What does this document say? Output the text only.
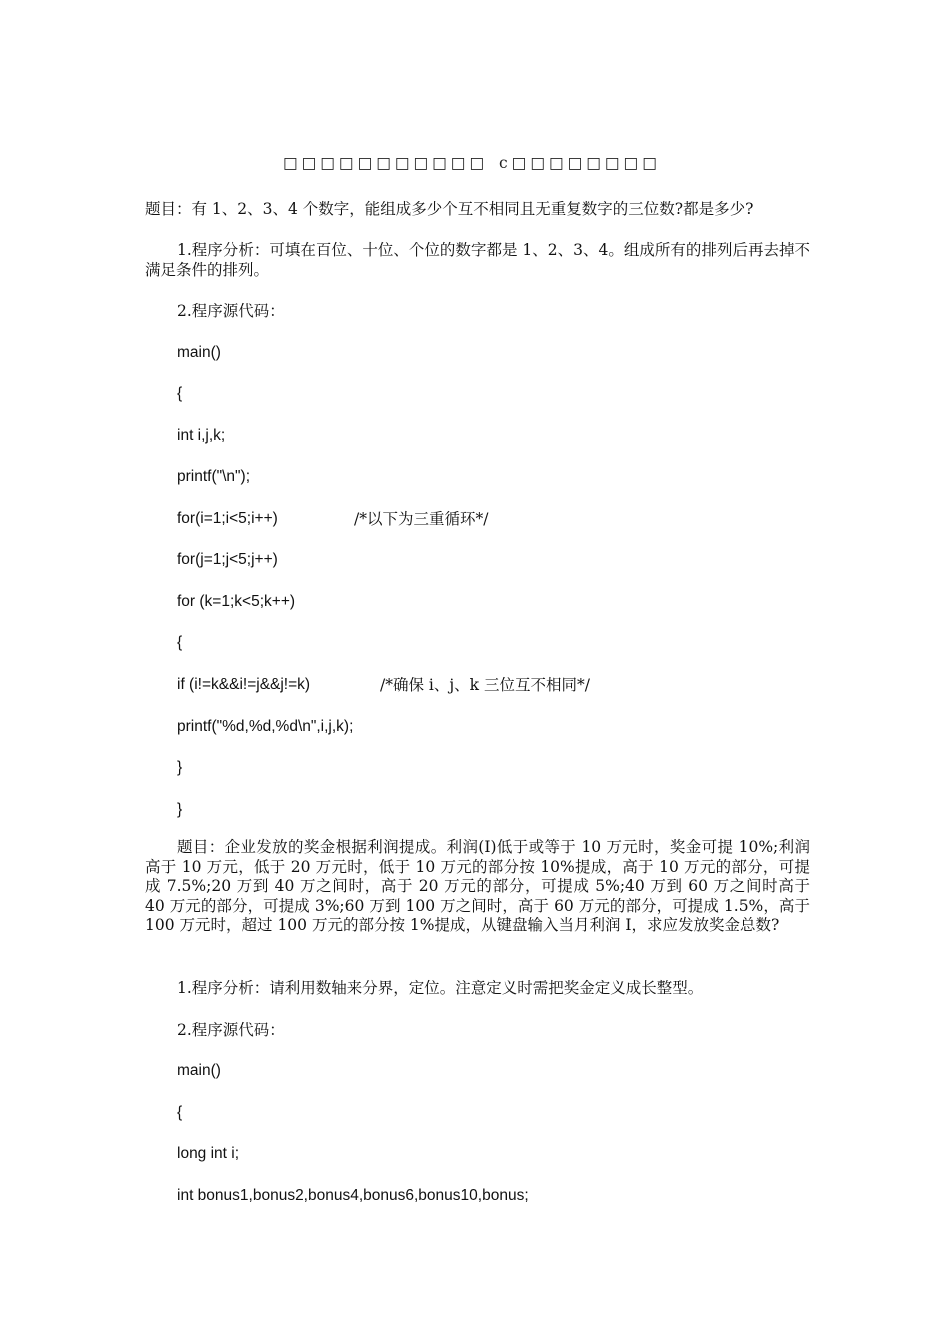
□□□□□□□□□□□ c□□□□□□□□
题目：有 1、2、3、4 个数字，能组成多少个互不相同且无重复数字的三位数?都是多少?
1.程序分析：可填在百位、十位、个位的数字都是 1、2、3、4。组成所有的排列后再去掉不满足条件的排列。
2.程序源代码：
main()
{
int i,j,k;
printf("\n");
for(i=1;i<5;i++)	/*以下为三重循环*/
for(j=1;j<5;j++)
for (k=1;k<5;k++)
{
if (i!=k&&i!=j&&j!=k)	/*确保 i、j、k 三位互不相同*/
printf("%d,%d,%d\n",i,j,k);
}
}
题目：企业发放的奖金根据利润提成。利润(I)低于或等于 10 万元时，奖金可提 10%;利润高于 10 万元，低于 20 万元时，低于 10 万元的部分按 10%提成，高于 10 万元的部分，可提成 7.5%;20 万到 40 万之间时，高于 20 万元的部分，可提成 5%;40 万到 60 万之间时高于 40 万元的部分，可提成 3%;60 万到 100 万之间时，高于 60 万元的部分，可提成 1.5%，高于 100 万元时，超过 100 万元的部分按 1%提成，从键盘输入当月利润 I，求应发放奖金总数?
1.程序分析：请利用数轴来分界，定位。注意定义时需把奖金定义成长整型。
2.程序源代码：
main()
{
long int i;
int bonus1,bonus2,bonus4,bonus6,bonus10,bonus;
